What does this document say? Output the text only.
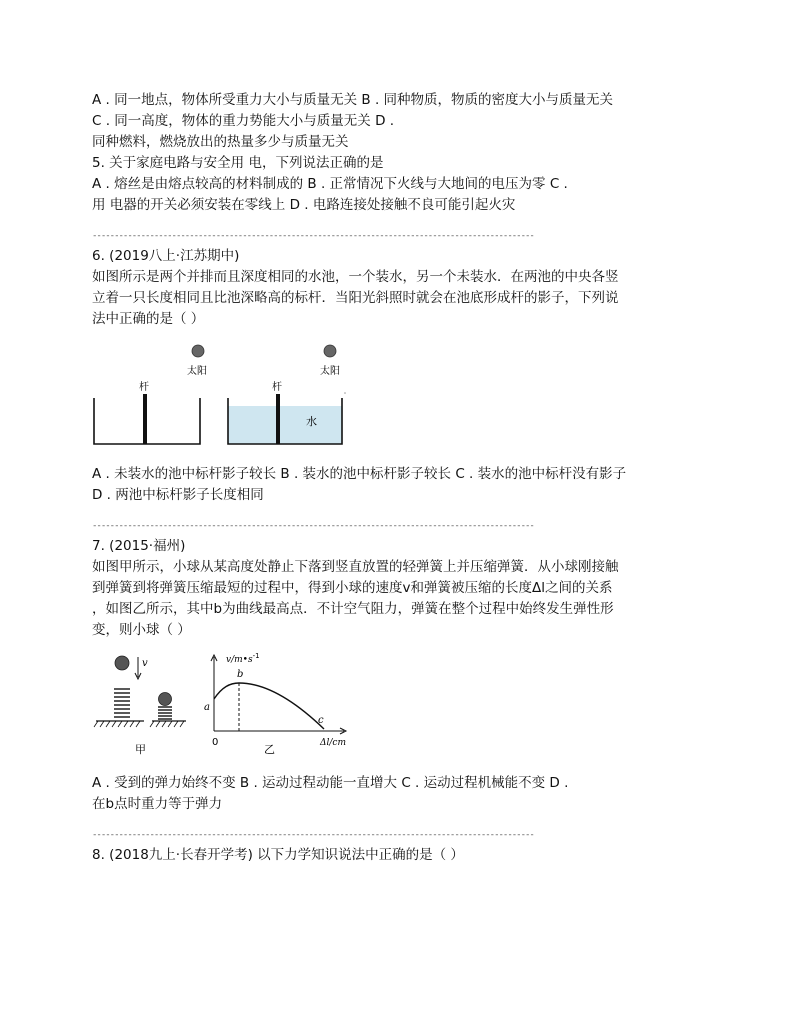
A . 同一地点，物体所受重力大小与质量无关 B . 同种物质，物质的密度大小与质量无关
C . 同一高度，物体的重力势能大小与质量无关 D .
同种燃料，燃烧放出的热量多少与质量无关
5. 关于家庭电路与安全用 电，下列说法正确的是
A . 熔丝是由熔点较高的材料制成的 B . 正常情况下火线与大地间的电压为零 C .
用 电器的开关必须安装在零线上 D . 电路连接处接触不良可能引起火灾
----------------------------------------------------------------------------------------------------
6. (2019八上·江苏期中)
如图所示是两个并排而且深度相同的水池，一个装水，另一个未装水．在两池的中央各竖
立着一只长度相同且比池深略高的标杆．当阳光斜照时就会在池底形成杆的影子，下列说
法中正确的是（ ）
杆
太阳
杆
水
太阳
A . 未装水的池中标杆影子较长 B . 装水的池中标杆影子较长 C . 装水的池中标杆没有影子
D . 两池中标杆影子长度相同
----------------------------------------------------------------------------------------------------
7. (2015·福州)
如图甲所示，小球从某高度处静止下落到竖直放置的轻弹簧上并压缩弹簧．从小球刚接触
到弹簧到将弹簧压缩最短的过程中，得到小球的速度v和弹簧被压缩的长度Δl之间的关系
，如图乙所示，其中b为曲线最高点．不计空气阻力，弹簧在整个过程中始终发生弹性形
变，则小球（ ）
v
甲
$v/m•s^{-1}$
Δl/cm
0
a
b
c
乙
A . 受到的弹力始终不变 B . 运动过程动能一直增大 C . 运动过程机械能不变 D .
在b点时重力等于弹力
----------------------------------------------------------------------------------------------------
8. (2018九上·长春开学考) 以下力学知识说法中正确的是（ ）
